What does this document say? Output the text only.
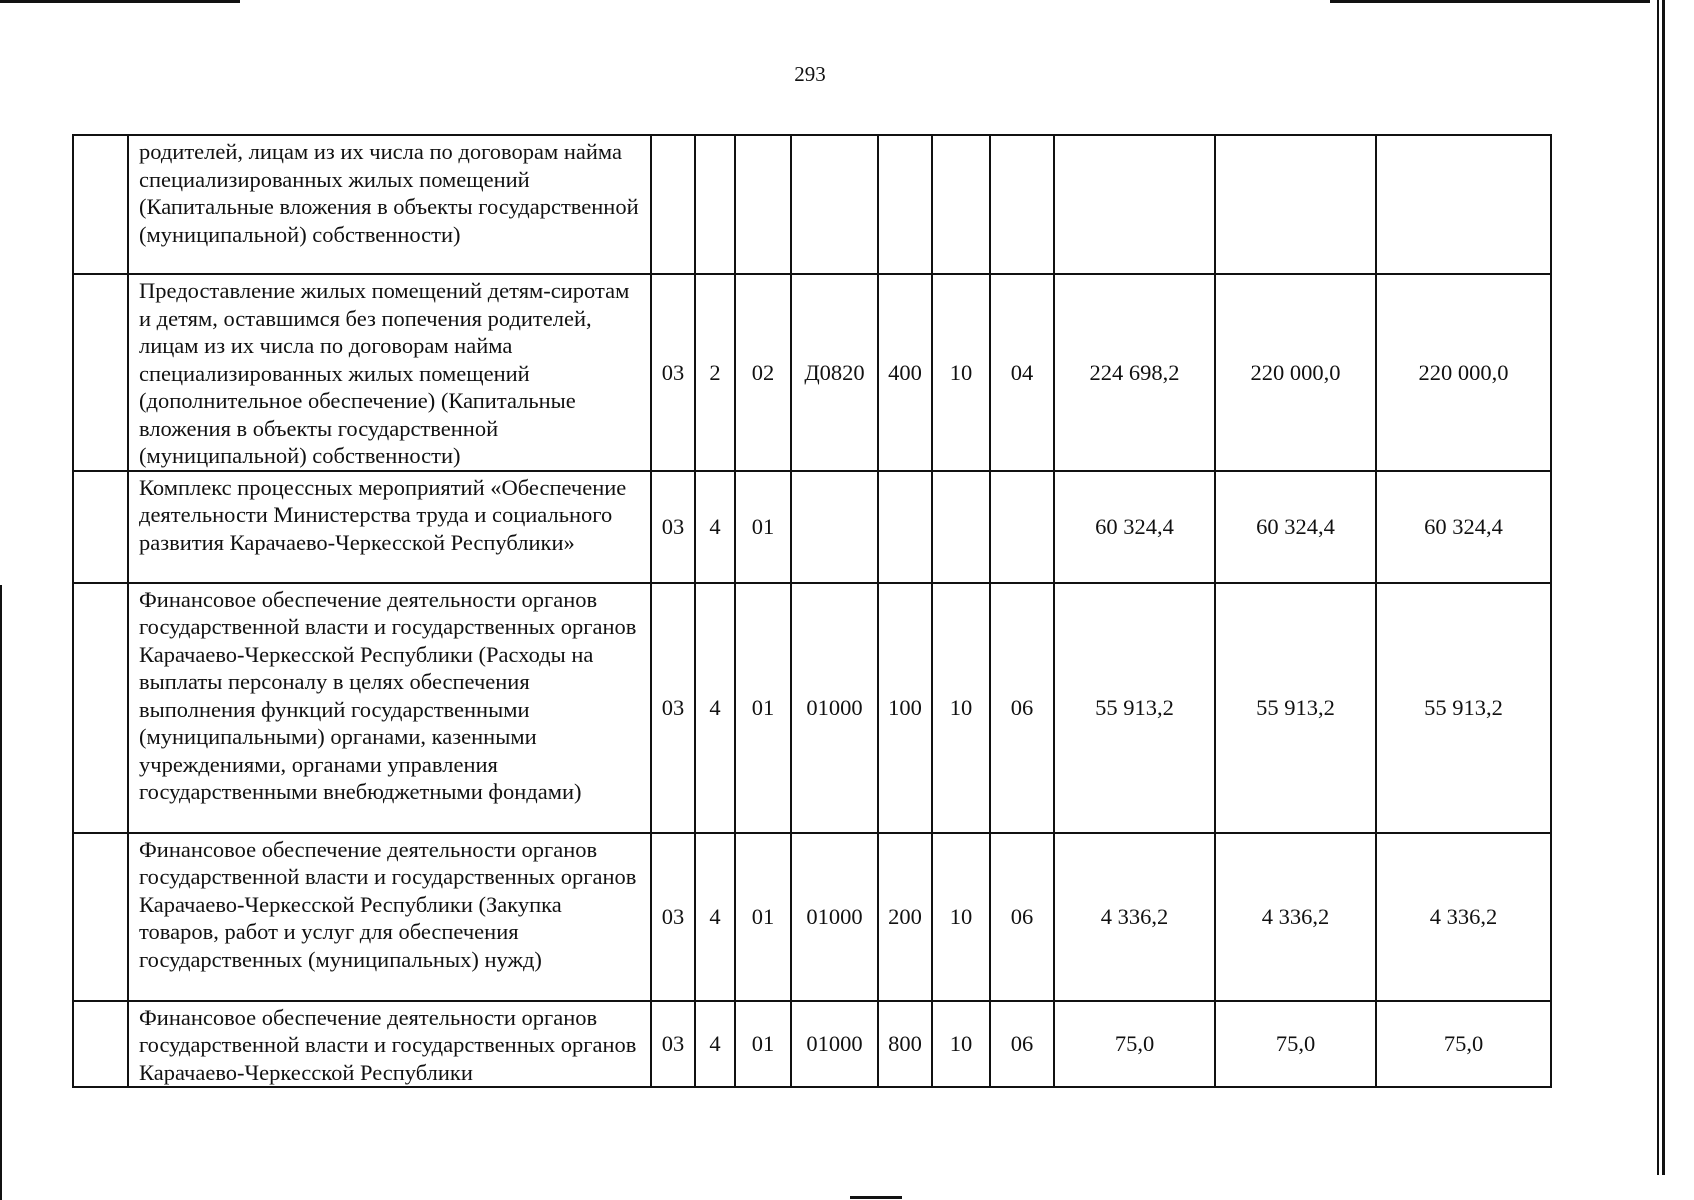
293
	родителей, лицам из их числа по договорам найма специализированных жилых помещений (Капитальные вложения в объекты государственной (муниципальной) собственности)										
	Предоставление жилых помещений детям-сиротам и детям, оставшимся без попечения родителей, лицам из их числа по договорам найма специализированных жилых помещений (дополнительное обеспечение) (Капитальные вложения в объекты государственной (муниципальной) собственности)	03	2	02	Д0820	400	10	04	224 698,2	220 000,0	220 000,0
	Комплекс процессных мероприятий «Обеспечение деятельности Министерства труда и социального развития Карачаево-Черкесской Республики»	03	4	01					60 324,4	60 324,4	60 324,4
	Финансовое обеспечение деятельности органов государственной власти и государственных органов Карачаево-Черкесской Республики (Расходы на выплаты персоналу в целях обеспечения выполнения функций государственными (муниципальными) органами, казенными учреждениями, органами управления государственными внебюджетными фондами)	03	4	01	01000	100	10	06	55 913,2	55 913,2	55 913,2
	Финансовое обеспечение деятельности органов государственной власти и государственных органов Карачаево-Черкесской Республики (Закупка товаров, работ и услуг для обеспечения государственных (муниципальных) нужд)	03	4	01	01000	200	10	06	4 336,2	4 336,2	4 336,2
	Финансовое обеспечение деятельности органов государственной власти и государственных органов Карачаево-Черкесской Республики	03	4	01	01000	800	10	06	75,0	75,0	75,0
